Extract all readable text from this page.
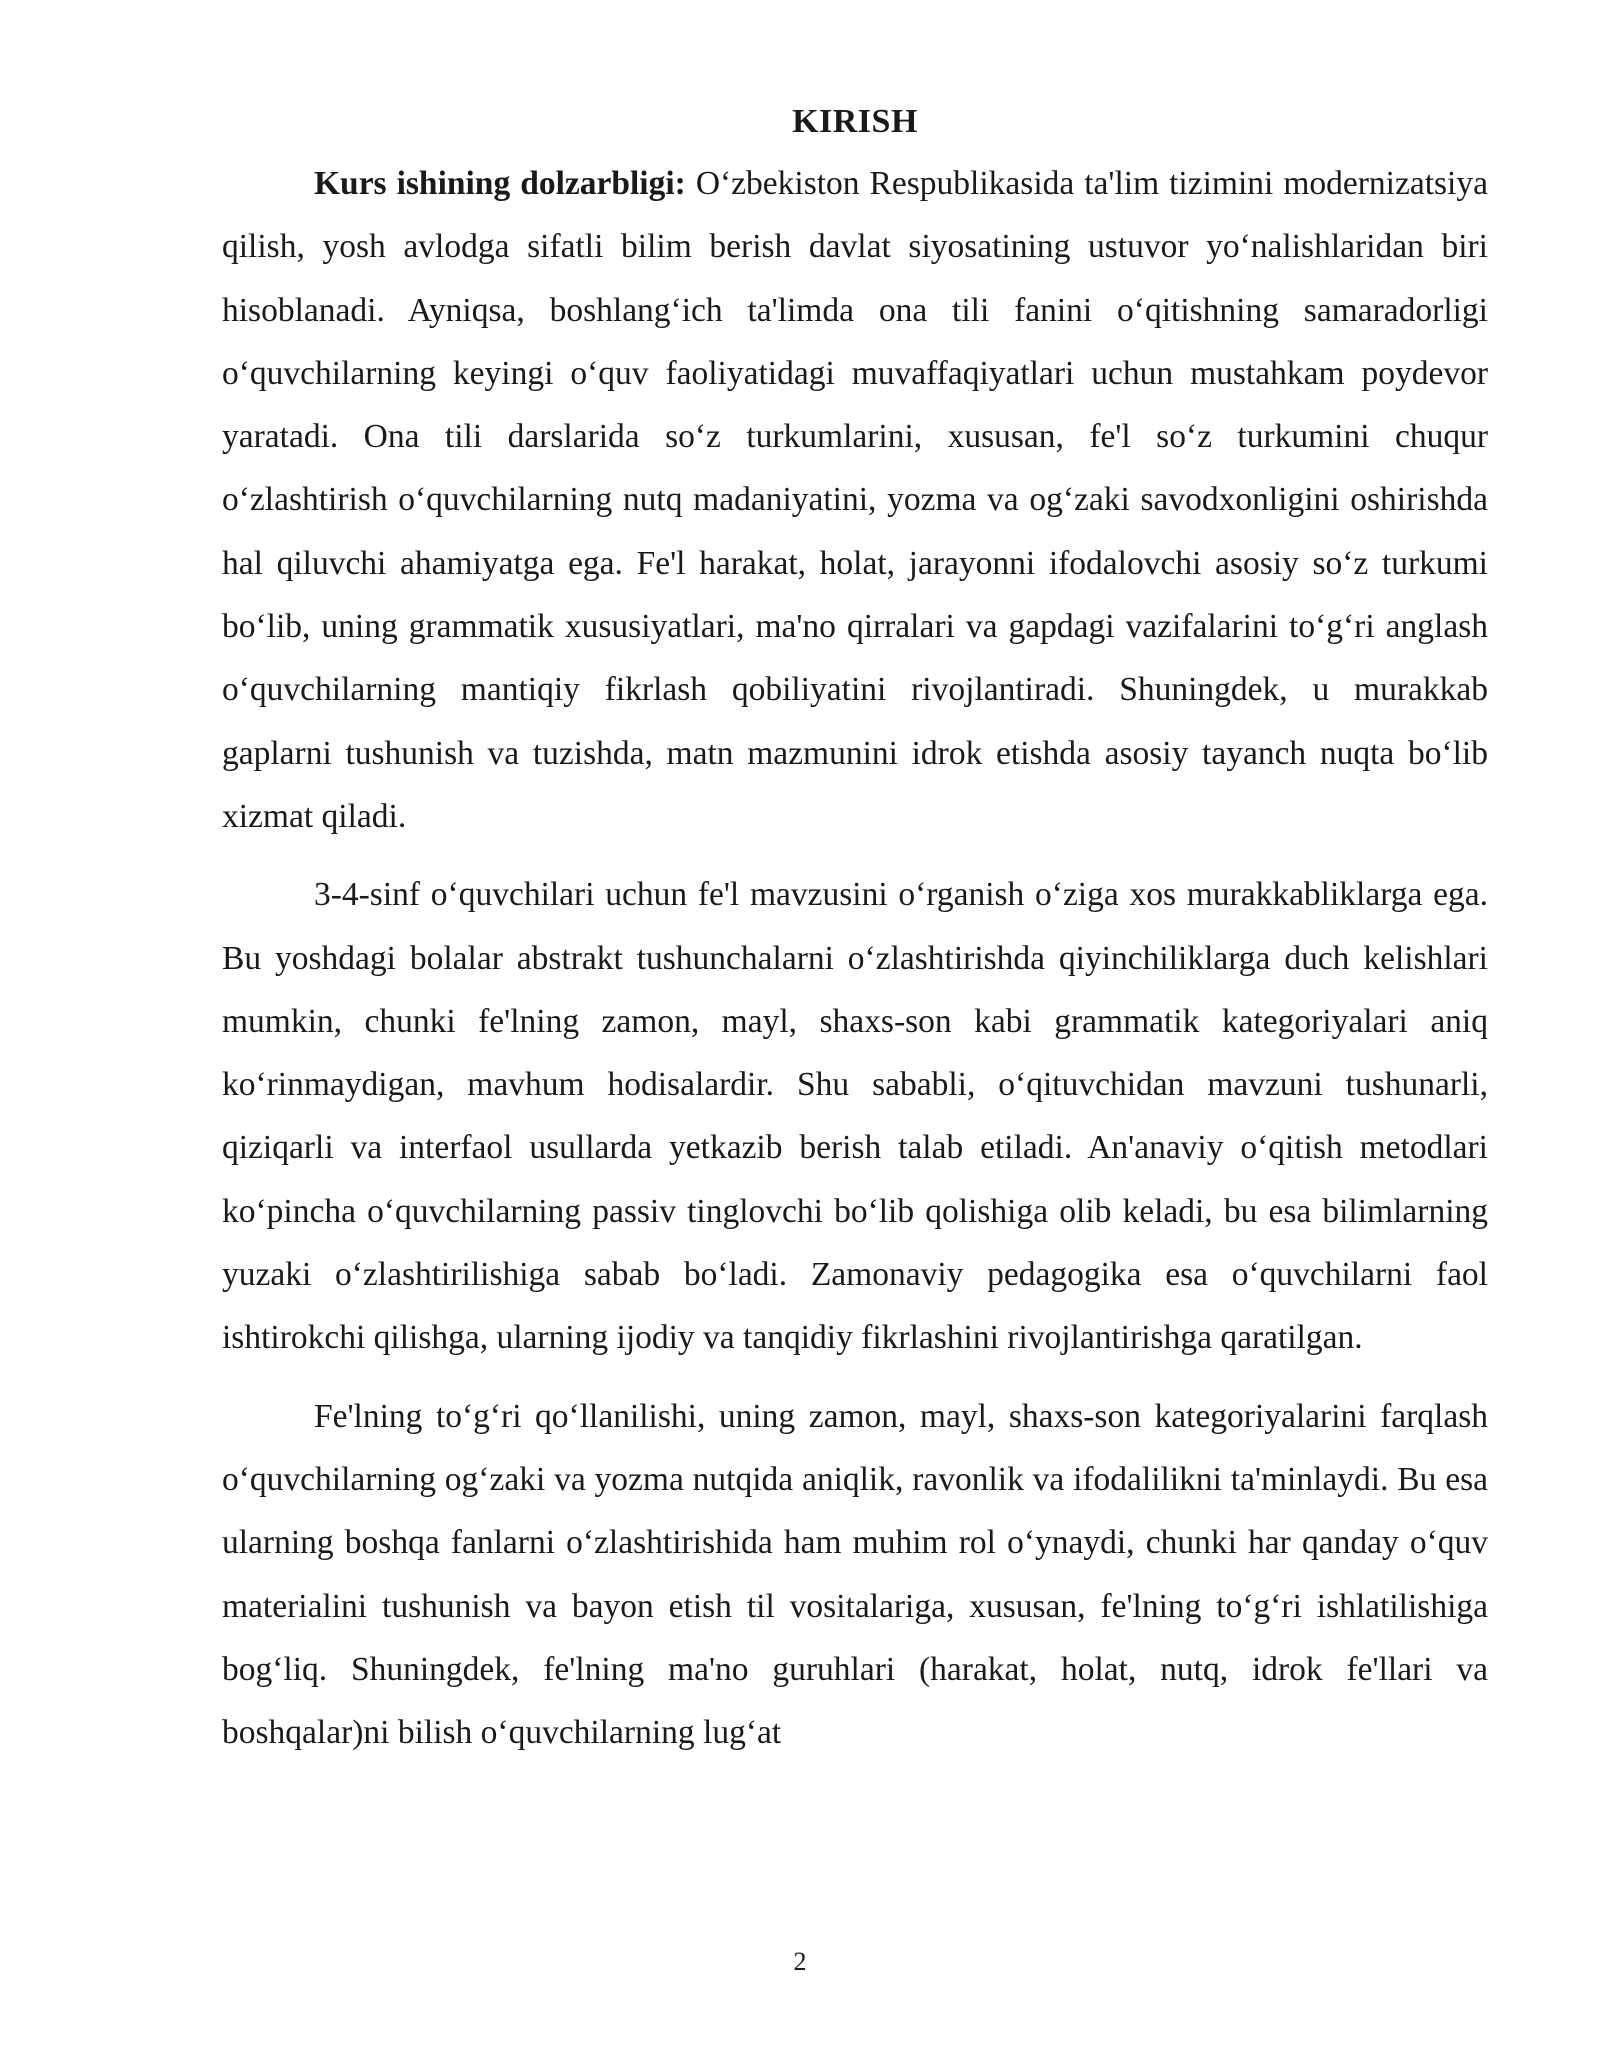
KIRISH

Kurs ishining dolzarbligi: O‘zbekiston Respublikasida ta'lim tizimini modernizatsiya qilish, yosh avlodga sifatli bilim berish davlat siyosatining ustuvor yo‘nalishlaridan biri hisoblanadi. Ayniqsa, boshlang‘ich ta'limda ona tili fanini o‘qitishning samaradorligi o‘quvchilarning keyingi o‘quv faoliyatidagi muvaffaqiyatlari uchun mustahkam poydevor yaratadi. Ona tili darslarida so‘z turkumlarini, xususan, fe'l so‘z turkumini chuqur o‘zlashtirish o‘quvchilarning nutq madaniyatini, yozma va og‘zaki savodxonligini oshirishda hal qiluvchi ahamiyatga ega. Fe'l harakat, holat, jarayonni ifodalovchi asosiy so‘z turkumi bo‘lib, uning grammatik xususiyatlari, ma'no qirralari va gapdagi vazifalarini to‘g‘ri anglash o‘quvchilarning mantiqiy fikrlash qobiliyatini rivojlantiradi. Shuningdek, u murakkab gaplarni tushunish va tuzishda, matn mazmunini idrok etishda asosiy tayanch nuqta bo‘lib xizmat qiladi.

3-4-sinf o‘quvchilari uchun fe'l mavzusini o‘rganish o‘ziga xos murakkabliklarga ega. Bu yoshdagi bolalar abstrakt tushunchalarni o‘zlashtirishda qiyinchiliklarga duch kelishlari mumkin, chunki fe'lning zamon, mayl, shaxs-son kabi grammatik kategoriyalari aniq ko‘rinmaydigan, mavhum hodisalardir. Shu sababli, o‘qituvchidan mavzuni tushunarli, qiziqarli va interfaol usullarda yetkazib berish talab etiladi. An'anaviy o‘qitish metodlari ko‘pincha o‘quvchilarning passiv tinglovchi bo‘lib qolishiga olib keladi, bu esa bilimlarning yuzaki o‘zlashtirilishiga sabab bo‘ladi. Zamonaviy pedagogika esa o‘quvchilarni faol ishtirokchi qilishga, ularning ijodiy va tanqidiy fikrlashini rivojlantirishga qaratilgan.

Fe'lning to‘g‘ri qo‘llanilishi, uning zamon, mayl, shaxs-son kategoriyalarini farqlash o‘quvchilarning og‘zaki va yozma nutqida aniqlik, ravonlik va ifodalilikni ta'minlaydi. Bu esa ularning boshqa fanlarni o‘zlashtirishida ham muhim rol o‘ynaydi, chunki har qanday o‘quv materialini tushunish va bayon etish til vositalariga, xususan, fe'lning to‘g‘ri ishlatilishiga bog‘liq. Shuningdek, fe'lning ma'no guruhlari (harakat, holat, nutq, idrok fe'llari va boshqalar)ni bilish o‘quvchilarning lug‘at

2
